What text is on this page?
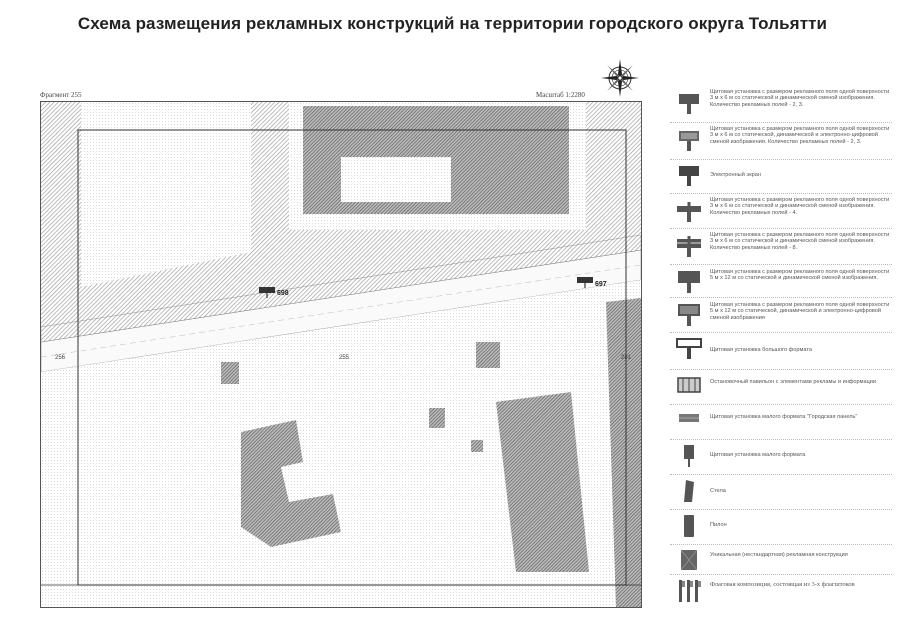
Схема размещения рекламных конструкций на территории городского округа Тольятти
Фрагмент 255	Масштаб 1:2280
256	255	281
698
697
Щитовая установка с размером рекламного поля одной поверхности 3 м х 6 м со статической и динамической сменой изображения. Количество рекламных полей - 2, 3.
Щитовая установка с размером рекламного поля одной поверхности 3 м х 6 м со статической, динамической и электронно-цифровой сменой изображения. Количество рекламных полей - 2, 3.
Электронный экран
Щитовая установка с размером рекламного поля одной поверхности 3 м х 6 м со статической и динамической сменой изображения. Количество рекламных полей - 4.
Щитовая установка с размером рекламного поля одной поверхности 3 м х 6 м со статической и динамической сменой изображения. Количество рекламных полей - 8.
Щитовая установка с размером рекламного поля одной поверхности 5 м х 12 м со статической и динамической сменой изображения.
Щитовая установка с размером рекламного поля одной поверхности 5 м х 12 м со статической, динамической и электронно-цифровой сменой изображения
Щитовая установка большого формата
Остановочный павильон с элементами рекламы и информации
Щитовая установка малого формата "Городская панель"
Щитовая установка малого формата
Стела
Пилон
Уникальная (нестандартная) рекламная конструкция
Флаговая композиция, состоящая из 3-х флагштоков
